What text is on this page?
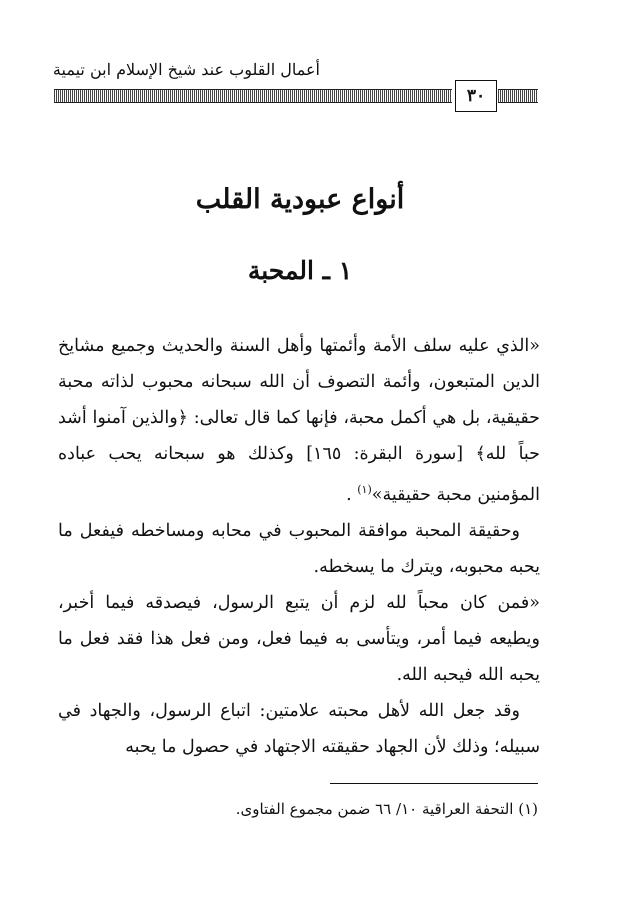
أعمال القلوب عند شيخ الإسلام ابن تيمية
٣٠
أنواع عبودية القلب
١ ـ المحبة

«الذي عليه سلف الأمة وأئمتها وأهل السنة والحديث وجميع مشايخ الدين المتبعون، وأئمة التصوف أن الله سبحانه محبوب لذاته محبة حقيقية، بل هي أكمل محبة، فإنها كما قال تعالى: ﴿والذين آمنوا أشد حباً لله﴾ [سورة البقرة: ١٦٥] وكذلك هو سبحانه يحب عباده المؤمنين محبة حقيقية»$^{(١)}$ .

وحقيقة المحبة موافقة المحبوب في محابه ومساخطه فيفعل ما يحبه محبوبه، ويترك ما يسخطه.

«فمن كان محباً لله لزم أن يتبع الرسول، فيصدقه فيما أخبر، ويطيعه فيما أمر، ويتأسى به فيما فعل، ومن فعل هذا فقد فعل ما يحبه الله فيحبه الله.

وقد جعل الله لأهل محبته علامتين: اتباع الرسول، والجهاد في سبيله؛ وذلك لأن الجهاد حقيقته الاجتهاد في حصول ما يحبه

(١) التحفة العراقية ١٠/ ٦٦ ضمن مجموع الفتاوى.
